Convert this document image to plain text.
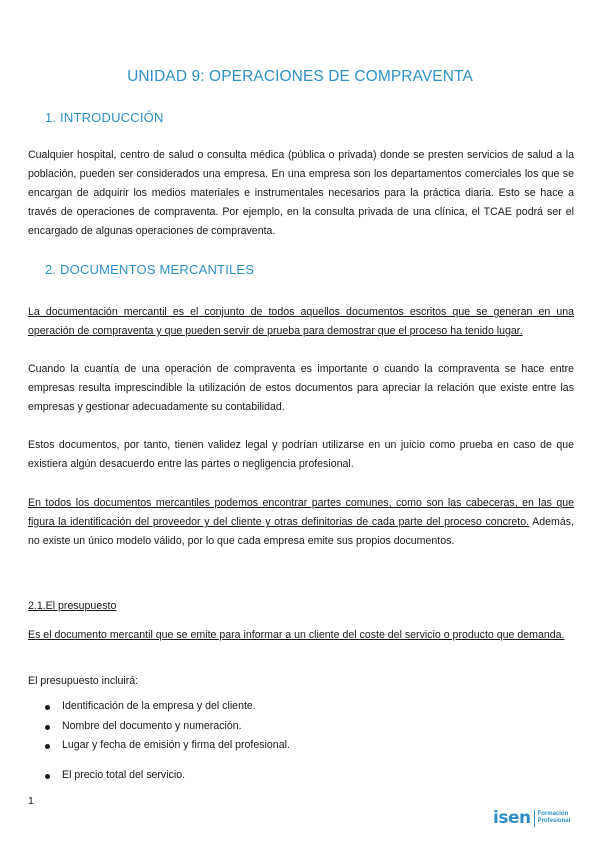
UNIDAD 9: OPERACIONES DE COMPRAVENTA
1. INTRODUCCIÓN
Cualquier hospital, centro de salud o consulta médica (pública o privada) donde se presten servicios de salud a la población, pueden ser considerados una empresa. En una empresa son los departamentos comerciales los que se encargan de adquirir los medios materiales e instrumentales necesarios para la práctica diaria. Esto se hace a través de operaciones de compraventa. Por ejemplo, en la consulta privada de una clínica, el TCAE podrá ser el encargado de algunas operaciones de compraventa.
2. DOCUMENTOS MERCANTILES
La documentación mercantil es el conjunto de todos aquellos documentos escritos que se generan en una operación de compraventa y que pueden servir de prueba para demostrar que el proceso ha tenido lugar.
Cuando la cuantía de una operación de compraventa es importante o cuando la compraventa se hace entre empresas resulta imprescindible la utilización de estos documentos para apreciar la relación que existe entre las empresas y gestionar adecuadamente su contabilidad.
Estos documentos, por tanto, tienen validez legal y podrían utilizarse en un juicio como prueba en caso de que existiera algún desacuerdo entre las partes o negligencia profesional.
En todos los documentos mercantiles podemos encontrar partes comunes, como son las cabeceras, en las que figura la identificación del proveedor y del cliente y otras definitorias de cada parte del proceso concreto. Además, no existe un único modelo válido, por lo que cada empresa emite sus propios documentos.
2.1.El presupuesto
Es el documento mercantil que se emite para informar a un cliente del coste del servicio o producto que demanda.
El presupuesto incluirá:
Identificación de la empresa y del cliente.
Nombre del documento y numeración.
Lugar y fecha de emisión y firma del profesional.
El precio total del servicio.
1
isen Formación
Profesional
